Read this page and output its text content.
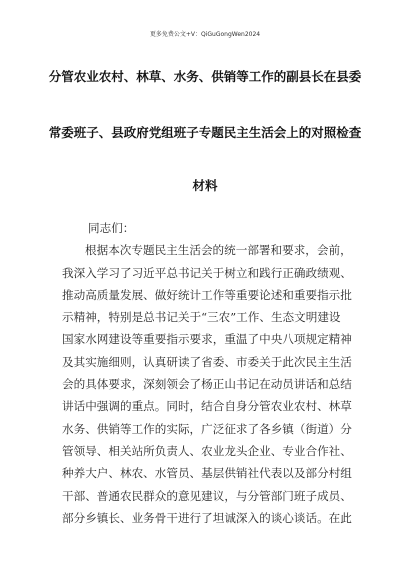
更多免费公文+V：QiGuGongWen2024
分管农业农村、林草、水务、供销等工作的副县长在县委
常委班子、县政府党组班子专题民主生活会上的对照检查
材料
同志们：
根据本次专题民主生活会的统一部署和要求，会前，
我深入学习了习近平总书记关于树立和践行正确政绩观、
推动高质量发展、做好统计工作等重要论述和重要指示批
示精神，特别是总书记关于“三农”工作、生态文明建设
国家水网建设等重要指示要求，重温了中央八项规定精神
及其实施细则，认真研读了省委、市委关于此次民主生活
会的具体要求，深刻领会了杨正山书记在动员讲话和总结
讲话中强调的重点。同时，结合自身分管农业农村、林草
水务、供销等工作的实际，广泛征求了各乡镇（街道）分
管领导、相关站所负责人、农业龙头企业、专业合作社、
种养大户、林农、水管员、基层供销社代表以及部分村组
干部、普通农民群众的意见建议，与分管部门班子成员、
部分乡镇长、业务骨干进行了坦诚深入的谈心谈话。在此
